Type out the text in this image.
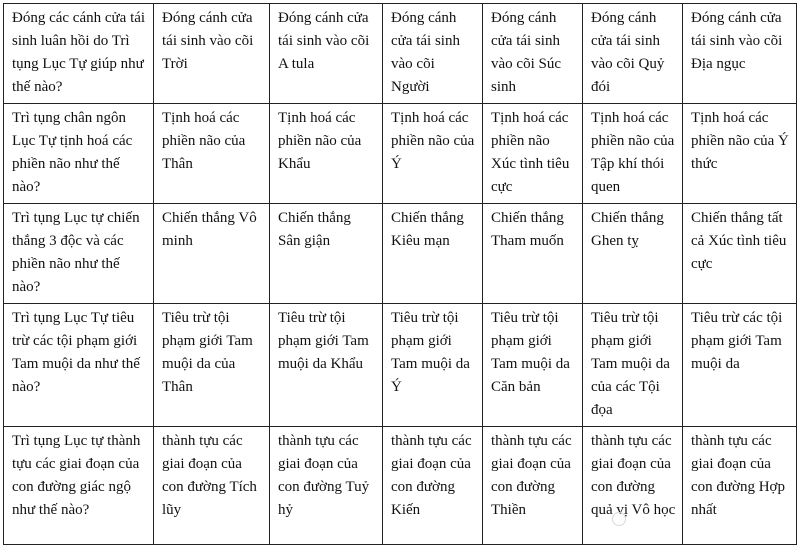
Đóng các cánh cửa tái sinh luân hồi do Trì tụng Lục Tự giúp như thế nào?	Đóng cánh cửa tái sinh vào cõi Trời	Đóng cánh cửa tái sinh vào cõi A tula	Đóng cánh cửa tái sinh vào cõi Người	Đóng cánh cửa tái sinh vào cõi Súc sinh	Đóng cánh cửa tái sinh vào cõi Quỷ đói	Đóng cánh cửa tái sinh vào cõi Địa ngục
Trì tụng chân ngôn Lục Tự tịnh hoá các phiền não như thế nào?	Tịnh hoá các phiền não của Thân	Tịnh hoá các phiền não của Khẩu	Tịnh hoá các phiền não của Ý	Tịnh hoá các phiền não Xúc tình tiêu cực	Tịnh hoá các phiền não của Tập khí thói quen	Tịnh hoá các phiền não của Ý thức
Trì tụng Lục tự chiến thắng 3 độc và các phiền não như thế nào?	Chiến thắng Vô minh	Chiến thắng Sân giận	Chiến thắng Kiêu mạn	Chiến thắng Tham muốn	Chiến thắng Ghen tỵ	Chiến thắng tất cả Xúc tình tiêu cực
Trì tụng Lục Tự tiêu trừ các tội phạm giới Tam muội da như thế nào?	Tiêu trừ tội phạm giới Tam muội da của Thân	Tiêu trừ tội phạm giới Tam muội da Khẩu	Tiêu trừ tội phạm giới Tam muội da Ý	Tiêu trừ tội phạm giới Tam muội da Căn bản	Tiêu trừ tội phạm giới Tam muội da của các Tội đọa	Tiêu trừ các tội phạm giới Tam muội da
Trì tụng Lục tự thành tựu các giai đoạn của con đường giác ngộ như thế nào?	thành tựu các giai đoạn của con đường Tích lũy	thành tựu các giai đoạn của con đường Tuỷ hỷ	thành tựu các giai đoạn của con đường Kiến	thành tựu các giai đoạn của con đường Thiền	thành tựu các giai đoạn của con đường quả vị Vô học	thành tựu các giai đoạn của con đường Hợp nhất
